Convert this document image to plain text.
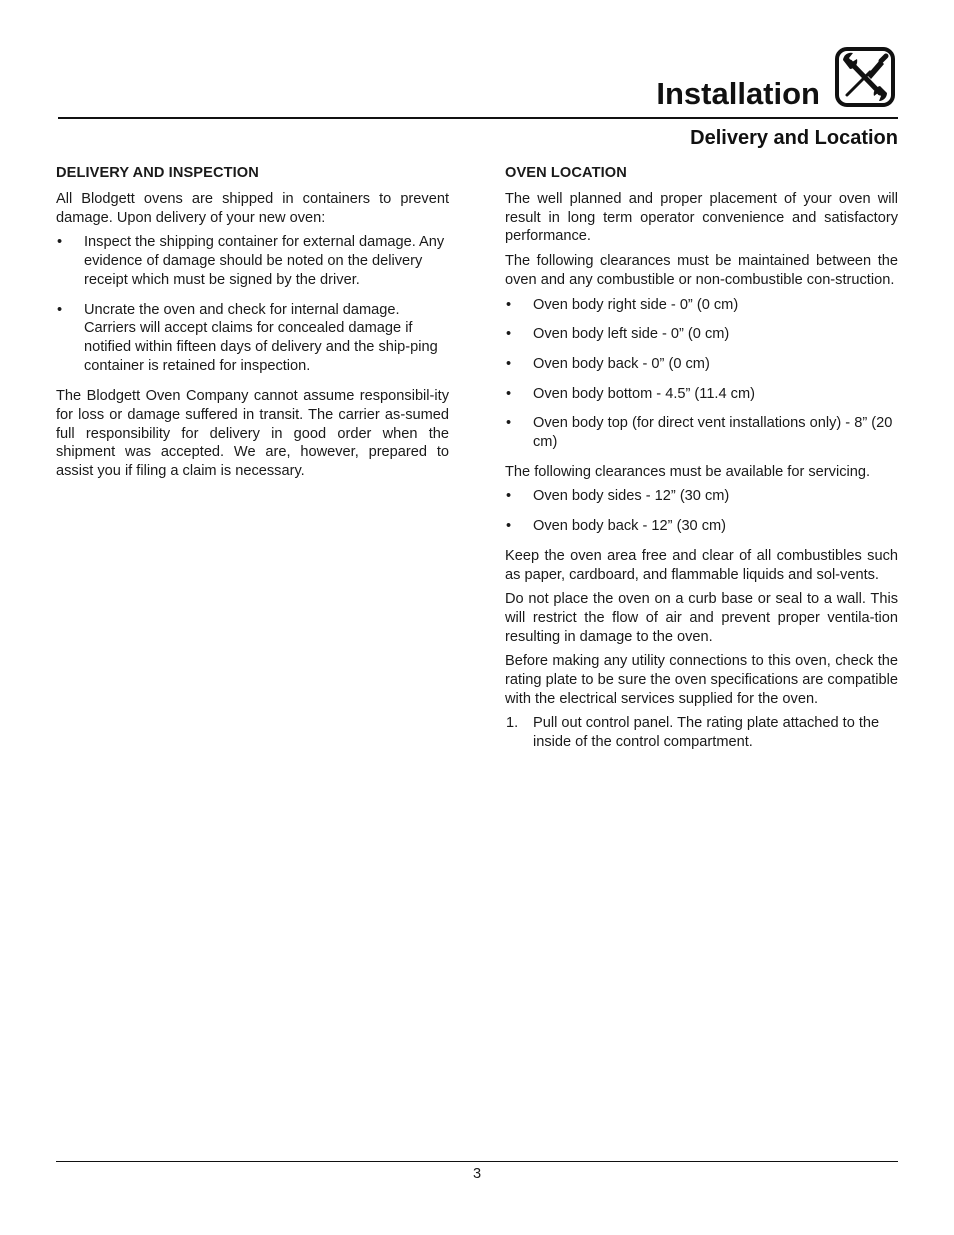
Installation
Delivery and Location
DELIVERY AND INSPECTION

All Blodgett ovens are shipped in containers to prevent damage. Upon delivery of your new oven:

• Inspect the shipping container for external damage. Any evidence of damage should be noted on the delivery receipt which must be signed by the driver.
• Uncrate the oven and check for internal damage. Carriers will accept claims for concealed damage if notified within fifteen days of delivery and the ship-ping container is retained for inspection.

The Blodgett Oven Company cannot assume responsibil-ity for loss or damage suffered in transit. The carrier as-sumed full responsibility for delivery in good order when the shipment was accepted. We are, however, prepared to assist you if filing a claim is necessary.

OVEN LOCATION

The well planned and proper placement of your oven will result in long term operator convenience and satisfactory performance.

The following clearances must be maintained between the oven and any combustible or non-combustible con-struction.

• Oven body right side - 0” (0 cm)
• Oven body left side - 0” (0 cm)
• Oven body back - 0” (0 cm)
• Oven body bottom - 4.5” (11.4 cm)
• Oven body top (for direct vent installations only) - 8” (20 cm)

The following clearances must be available for servicing.

• Oven body sides - 12” (30 cm)
• Oven body back - 12” (30 cm)

Keep the oven area free and clear of all combustibles such as paper, cardboard, and flammable liquids and sol-vents.

Do not place the oven on a curb base or seal to a wall. This will restrict the flow of air and prevent proper ventila-tion resulting in damage to the oven.

Before making any utility connections to this oven, check the rating plate to be sure the oven specifications are compatible with the electrical services supplied for the oven.

1. Pull out control panel. The rating plate attached to the inside of the control compartment.
3
